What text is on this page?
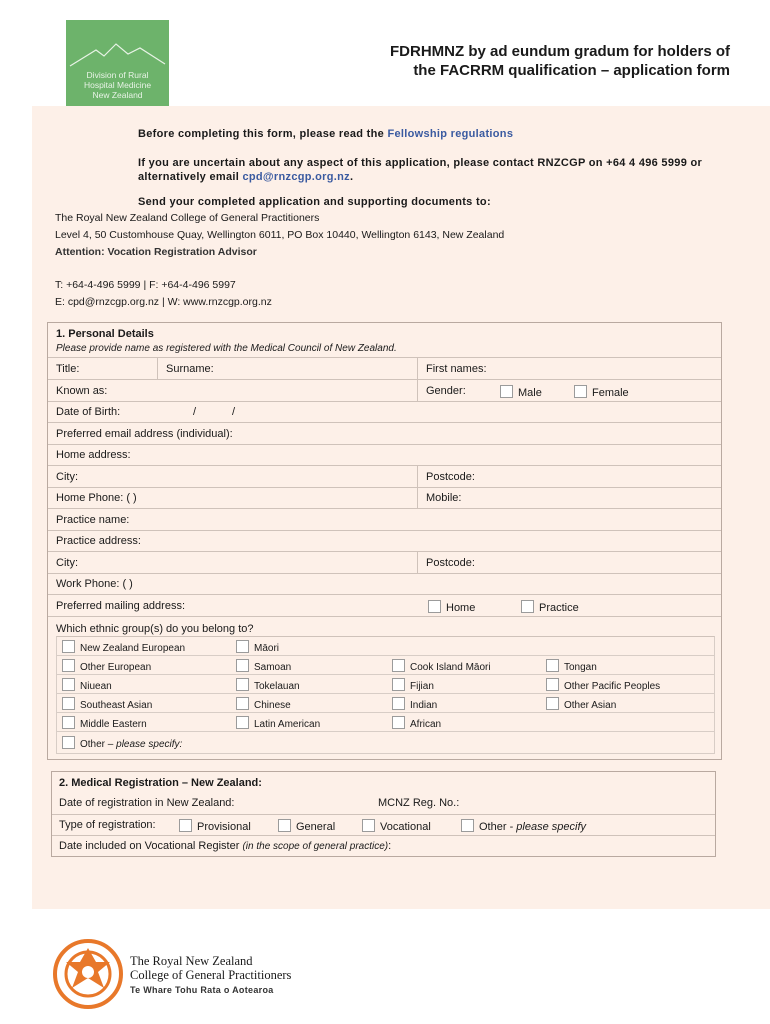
Division of Rural
Hospital Medicine
New Zealand
FDRHMNZ by ad eundum gradum for holders of
the FACRRM qualification – application form
Before completing this form, please read the Fellowship regulations
If you are uncertain about any aspect of this application, please contact RNZCGP on +64 4 496 5999 or
alternatively email cpd@rnzcgp.org.nz.
Send your completed application and supporting documents to:
The Royal New Zealand College of General Practitioners
Level 4, 50 Customhouse Quay, Wellington 6011, PO Box 10440, Wellington 6143, New Zealand
Attention: Vocation Registration Advisor
T: +64-4-496 5999 | F: +64-4-496 5997
E: cpd@rnzcgp.org.nz | W: www.rnzcgp.org.nz
1. Personal Details
Please provide name as registered with the Medical Council of New Zealand.
Title:	Surname:	First names:
Known as:	Gender:	Male	Female
Date of Birth:	/	/
Preferred email address (individual):
Home address:
City:	Postcode:
Home Phone: ( )	Mobile:
Practice name:
Practice address:
City:	Postcode:
Work Phone: ( )
Preferred mailing address:	Home	Practice
Which ethnic group(s) do you belong to?
New Zealand European	Māori
Other European	Samoan	Cook Island Māori	Tongan
Niuean	Tokelauan	Fijian	Other Pacific Peoples
Southeast Asian	Chinese	Indian	Other Asian
Middle Eastern	Latin American	African
Other – please specify:
2. Medical Registration – New Zealand:
Date of registration in New Zealand:	MCNZ Reg. No.:
Type of registration:	Provisional	General	Vocational	Other - please specify
Date included on Vocational Register (in the scope of general practice):
The Royal New Zealand
College of General Practitioners
Te Whare Tohu Rata o Aotearoa
